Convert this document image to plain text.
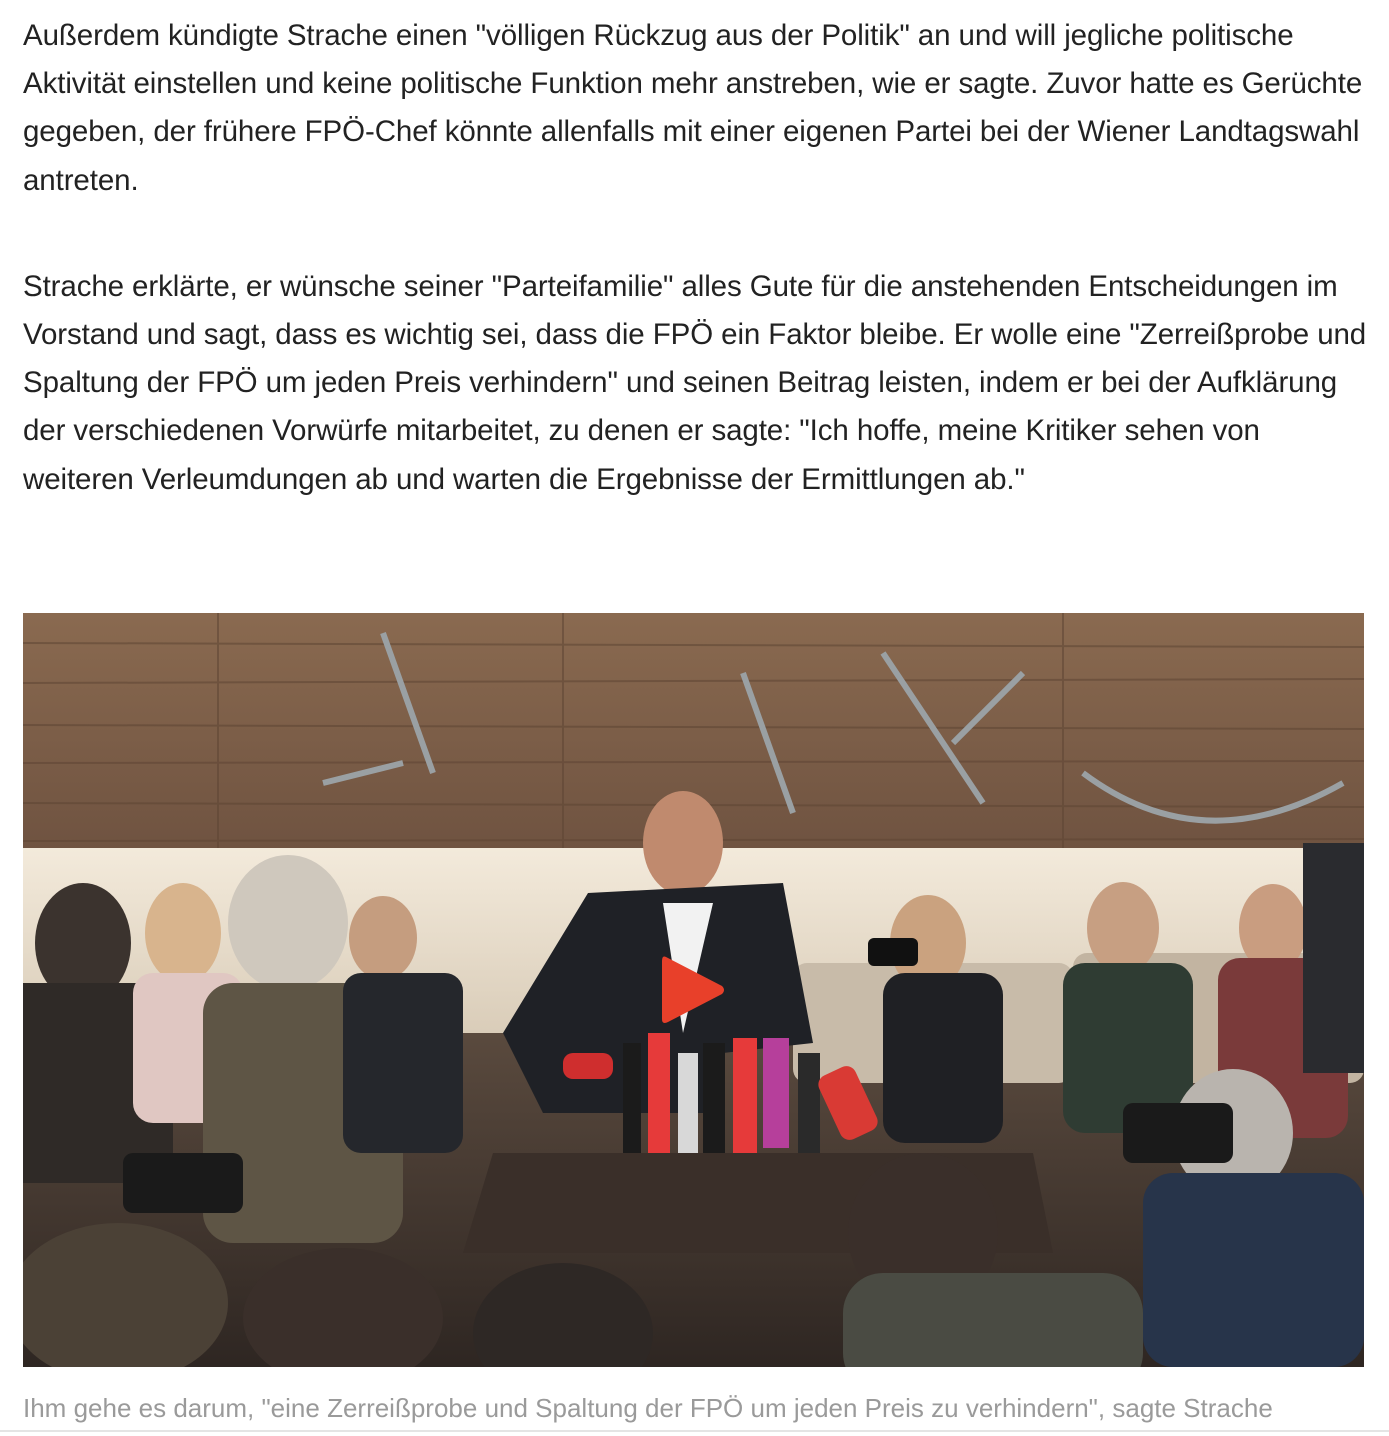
Außerdem kündigte Strache einen "völligen Rückzug aus der Politik" an und will jegliche politische Aktivität einstellen und keine politische Funktion mehr anstreben, wie er sagte. Zuvor hatte es Gerüchte gegeben, der frühere FPÖ-Chef könnte allenfalls mit einer eigenen Partei bei der Wiener Landtagswahl antreten.

Strache erklärte, er wünsche seiner "Parteifamilie" alles Gute für die anstehenden Entscheidungen im Vorstand und sagt, dass es wichtig sei, dass die FPÖ ein Faktor bleibe. Er wolle eine "Zerreißprobe und Spaltung der FPÖ um jeden Preis verhindern" und seinen Beitrag leisten, indem er bei der Aufklärung der verschiedenen Vorwürfe mitarbeitet, zu denen er sagte: "Ich hoffe, meine Kritiker sehen von weiteren Verleumdungen ab und warten die Ergebnisse der Ermittlungen ab."

Ihm gehe es darum, "eine Zerreißprobe und Spaltung der FPÖ um jeden Preis zu verhindern", sagte Strache
